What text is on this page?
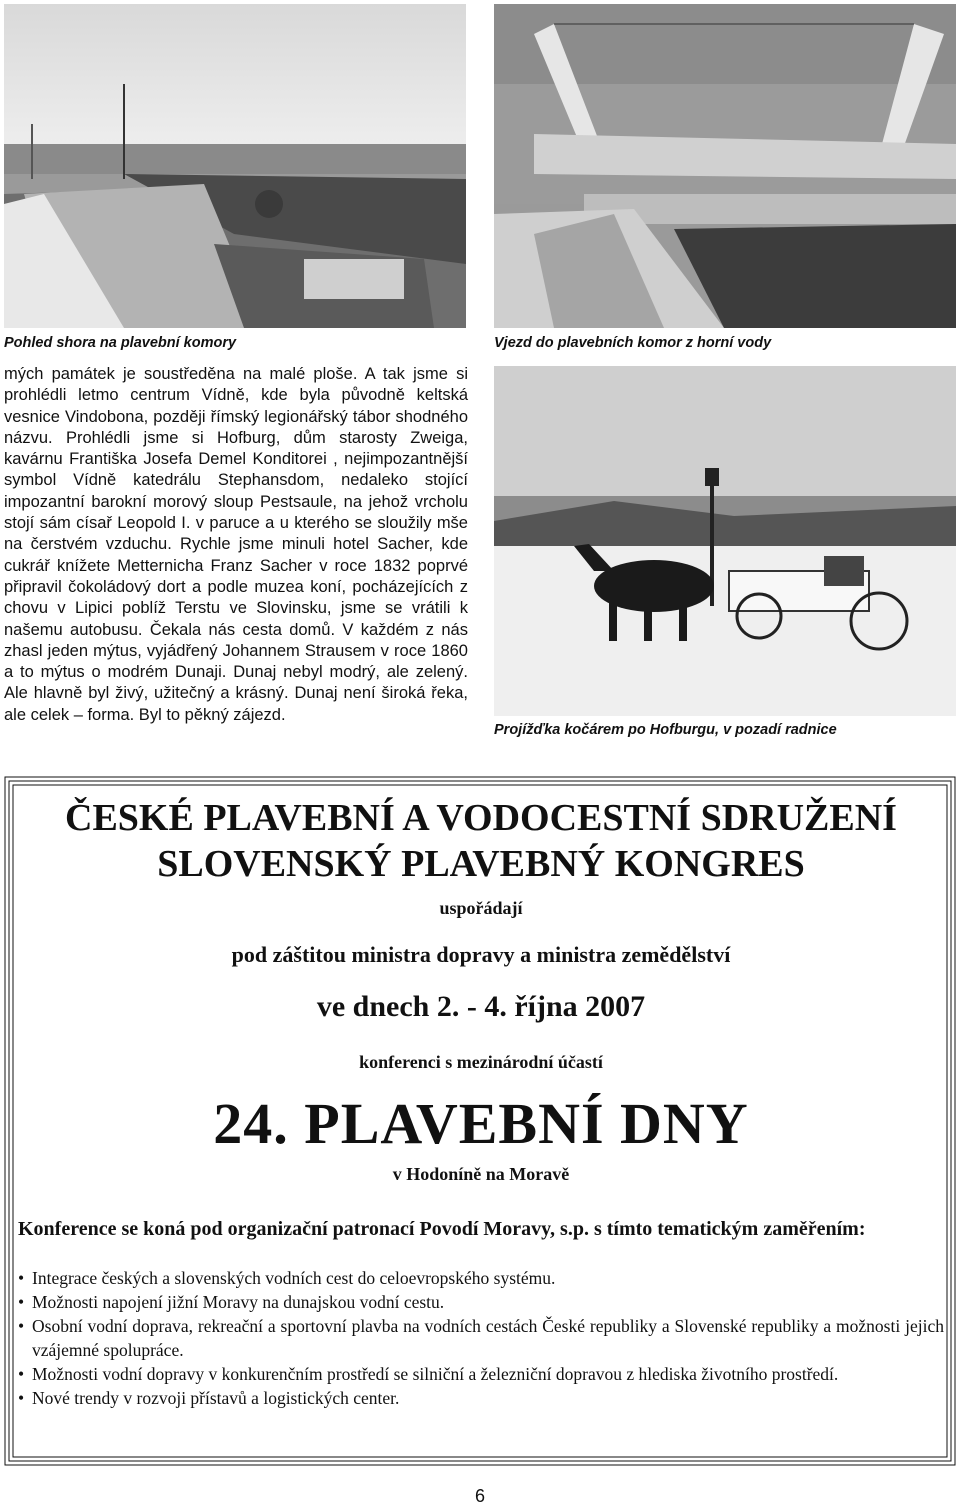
Pohled shora na plavební komory	Vjezd do plavebních komor z horní vody
Projížďka kočárem po Hofburgu, v pozadí radnice

mých památek je soustředěna na malé ploše. A tak jsme si prohlédli letmo centrum Vídně, kde byla původně keltská vesnice Vindobona, později římský legionářský tábor shodného názvu. Prohlédli jsme si Hofburg, dům starosty Zweiga, kavárnu Františka Josefa Demel Konditorei , nejimpozantnější symbol Vídně katedrálu Stephansdom, nedaleko stojící impozantní barokní morový sloup Pestsaule, na jehož vrcholu stojí sám císař Leopold I. v paruce a u kterého se sloužily mše na čerstvém vzduchu. Rychle jsme minuli hotel Sacher, kde cukrář knížete Metternicha Franz Sacher v roce 1832 poprvé připravil čokoládový dort a podle muzea koní, pocházejících z chovu v Lipici poblíž Terstu ve Slovinsku, jsme se vrátili k našemu autobusu. Čekala nás cesta domů. V každém z nás zhasl jeden mýtus, vyjádřený Johannem Strausem v roce 1860 a to mýtus o modrém Dunaji. Dunaj nebyl modrý, ale zelený. Ale hlavně byl živý, užitečný a krásný. Dunaj není široká řeka, ale celek – forma. Byl to pěkný zájezd.

ČESKÉ PLAVEBNÍ A VODOCESTNÍ SDRUŽENÍ
SLOVENSKÝ PLAVEBNÝ KONGRES
uspořádají
pod záštitou ministra dopravy a ministra zemědělství
ve dnech 2. - 4. října 2007
konferenci s mezinárodní účastí
24. PLAVEBNÍ DNY
v Hodoníně na Moravě
Konference se koná pod organizační patronací Povodí Moravy, s.p. s tímto tematickým zaměřením:
• Integrace českých a slovenských vodních cest do celoevropského systému.
• Možnosti napojení jižní Moravy na dunajskou vodní cestu.
• Osobní vodní doprava, rekreační a sportovní plavba na vodních cestách České republiky a Slovenské republiky a možnosti jejich vzájemné spolupráce.
• Možnosti vodní dopravy v konkurenčním prostředí se silniční a železniční dopravou z hlediska životního prostředí.
• Nové trendy v rozvoji přístavů a logistických center.
6
